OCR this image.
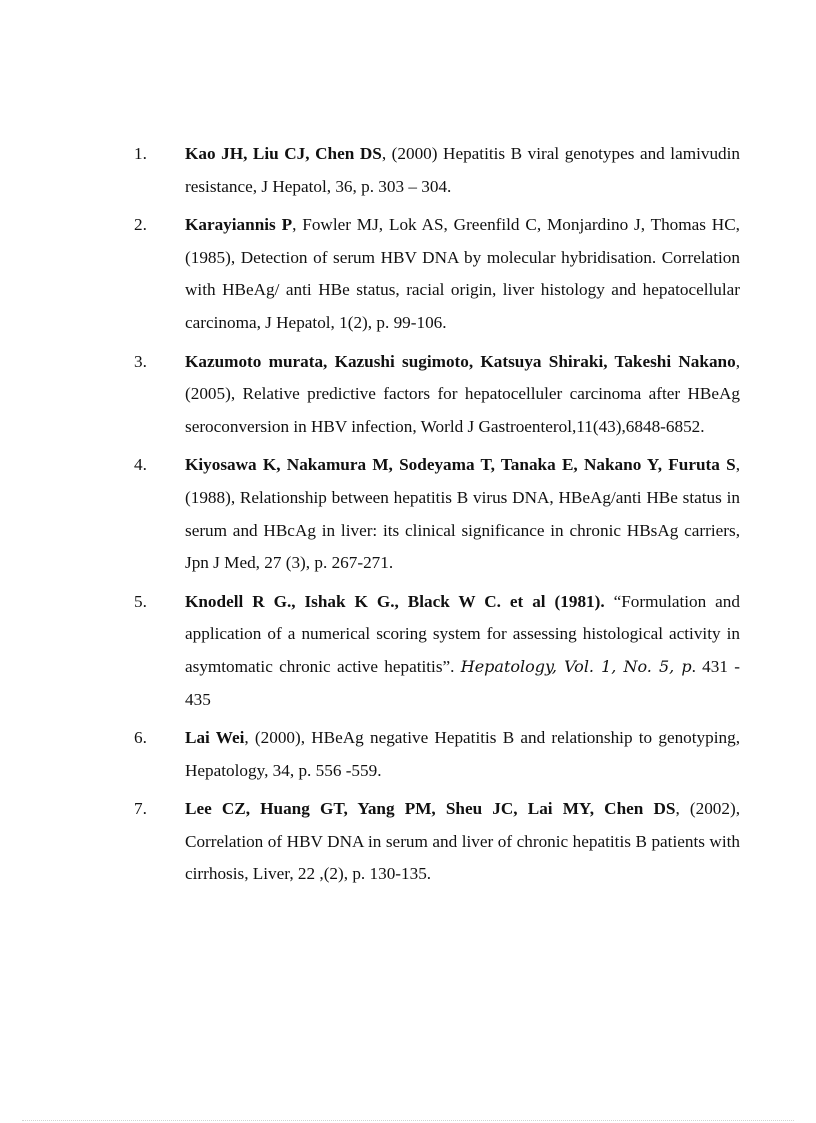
1. Kao JH, Liu CJ, Chen DS, (2000) Hepatitis B viral genotypes and lamivudin resistance, J Hepatol, 36, p. 303 – 304.
2. Karayiannis P, Fowler MJ, Lok AS, Greenfild C, Monjardino J, Thomas HC, (1985), Detection of serum HBV DNA by molecular hybridisation. Correlation with HBeAg/ anti HBe status, racial origin, liver histology and hepatocellular carcinoma, J Hepatol, 1(2), p. 99-106.
3. Kazumoto murata, Kazushi sugimoto, Katsuya Shiraki, Takeshi Nakano, (2005), Relative predictive factors for hepatocelluler carcinoma after HBeAg seroconversion in HBV infection, World J Gastroenterol,11(43),6848-6852.
4. Kiyosawa K, Nakamura M, Sodeyama T, Tanaka E, Nakano Y, Furuta S, (1988), Relationship between hepatitis B virus DNA, HBeAg/anti HBe status in serum and HBcAg in liver: its clinical significance in chronic HBsAg carriers, Jpn J Med, 27 (3), p. 267-271.
5. Knodell R G., Ishak K G., Black W C. et al (1981). “Formulation and application of a numerical scoring system for assessing histological activity in asymtomatic chronic active hepatitis”. Hepatology, Vol. 1, No. 5, p. 431 - 435
6. Lai Wei, (2000), HBeAg negative Hepatitis B and relationship to genotyping, Hepatology, 34, p. 556 -559.
7. Lee CZ, Huang GT, Yang PM, Sheu JC, Lai MY, Chen DS, (2002), Correlation of HBV DNA in serum and liver of chronic hepatitis B patients with cirrhosis, Liver, 22 ,(2), p. 130-135.
